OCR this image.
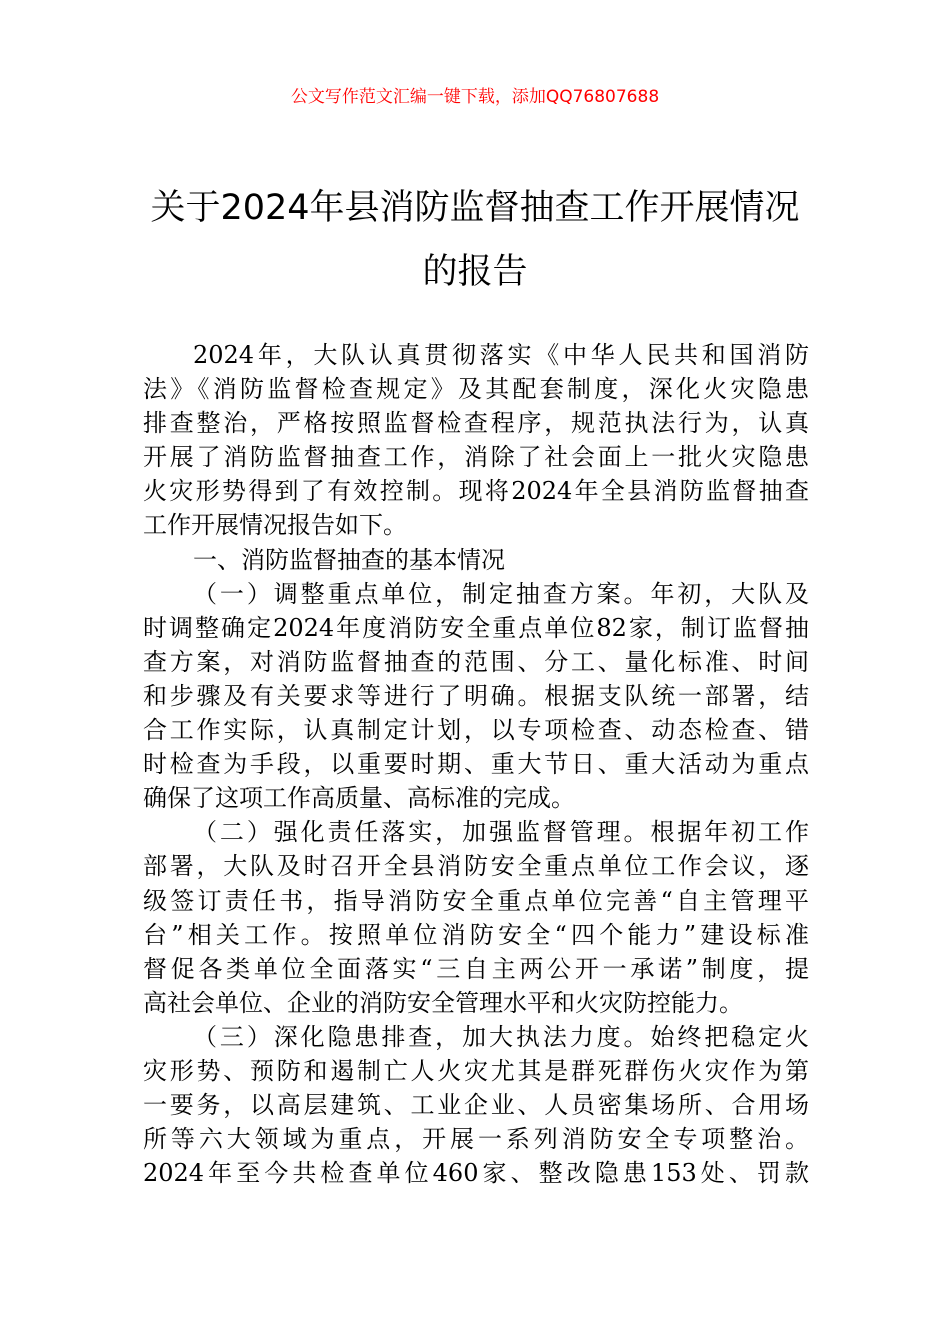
公文写作范文汇编一键下载，添加QQ76807688
关于2024年县消防监督抽查工作开展情况
的报告

2024年，大队认真贯彻落实《中华人民共和国消防
法》《消防监督检查规定》及其配套制度，深化火灾隐患
排查整治，严格按照监督检查程序，规范执法行为，认真
开展了消防监督抽查工作，消除了社会面上一批火灾隐患
火灾形势得到了有效控制。现将2024年全县消防监督抽查
工作开展情况报告如下。

一、消防监督抽查的基本情况

（一）调整重点单位，制定抽查方案。年初，大队及
时调整确定2024年度消防安全重点单位82家，制订监督抽
查方案，对消防监督抽查的范围、分工、量化标准、时间
和步骤及有关要求等进行了明确。根据支队统一部署，结
合工作实际，认真制定计划，以专项检查、动态检查、错
时检查为手段，以重要时期、重大节日、重大活动为重点
确保了这项工作高质量、高标准的完成。

（二）强化责任落实，加强监督管理。根据年初工作
部署，大队及时召开全县消防安全重点单位工作会议，逐
级签订责任书，指导消防安全重点单位完善“自主管理平
台”相关工作。按照单位消防安全“四个能力”建设标准
督促各类单位全面落实“三自主两公开一承诺”制度，提
高社会单位、企业的消防安全管理水平和火灾防控能力。

（三）深化隐患排查，加大执法力度。始终把稳定火
灾形势、预防和遏制亡人火灾尤其是群死群伤火灾作为第
一要务，以高层建筑、工业企业、人员密集场所、合用场
所等六大领域为重点，开展一系列消防安全专项整治。
2024年至今共检查单位460家、整改隐患153处、罚款
